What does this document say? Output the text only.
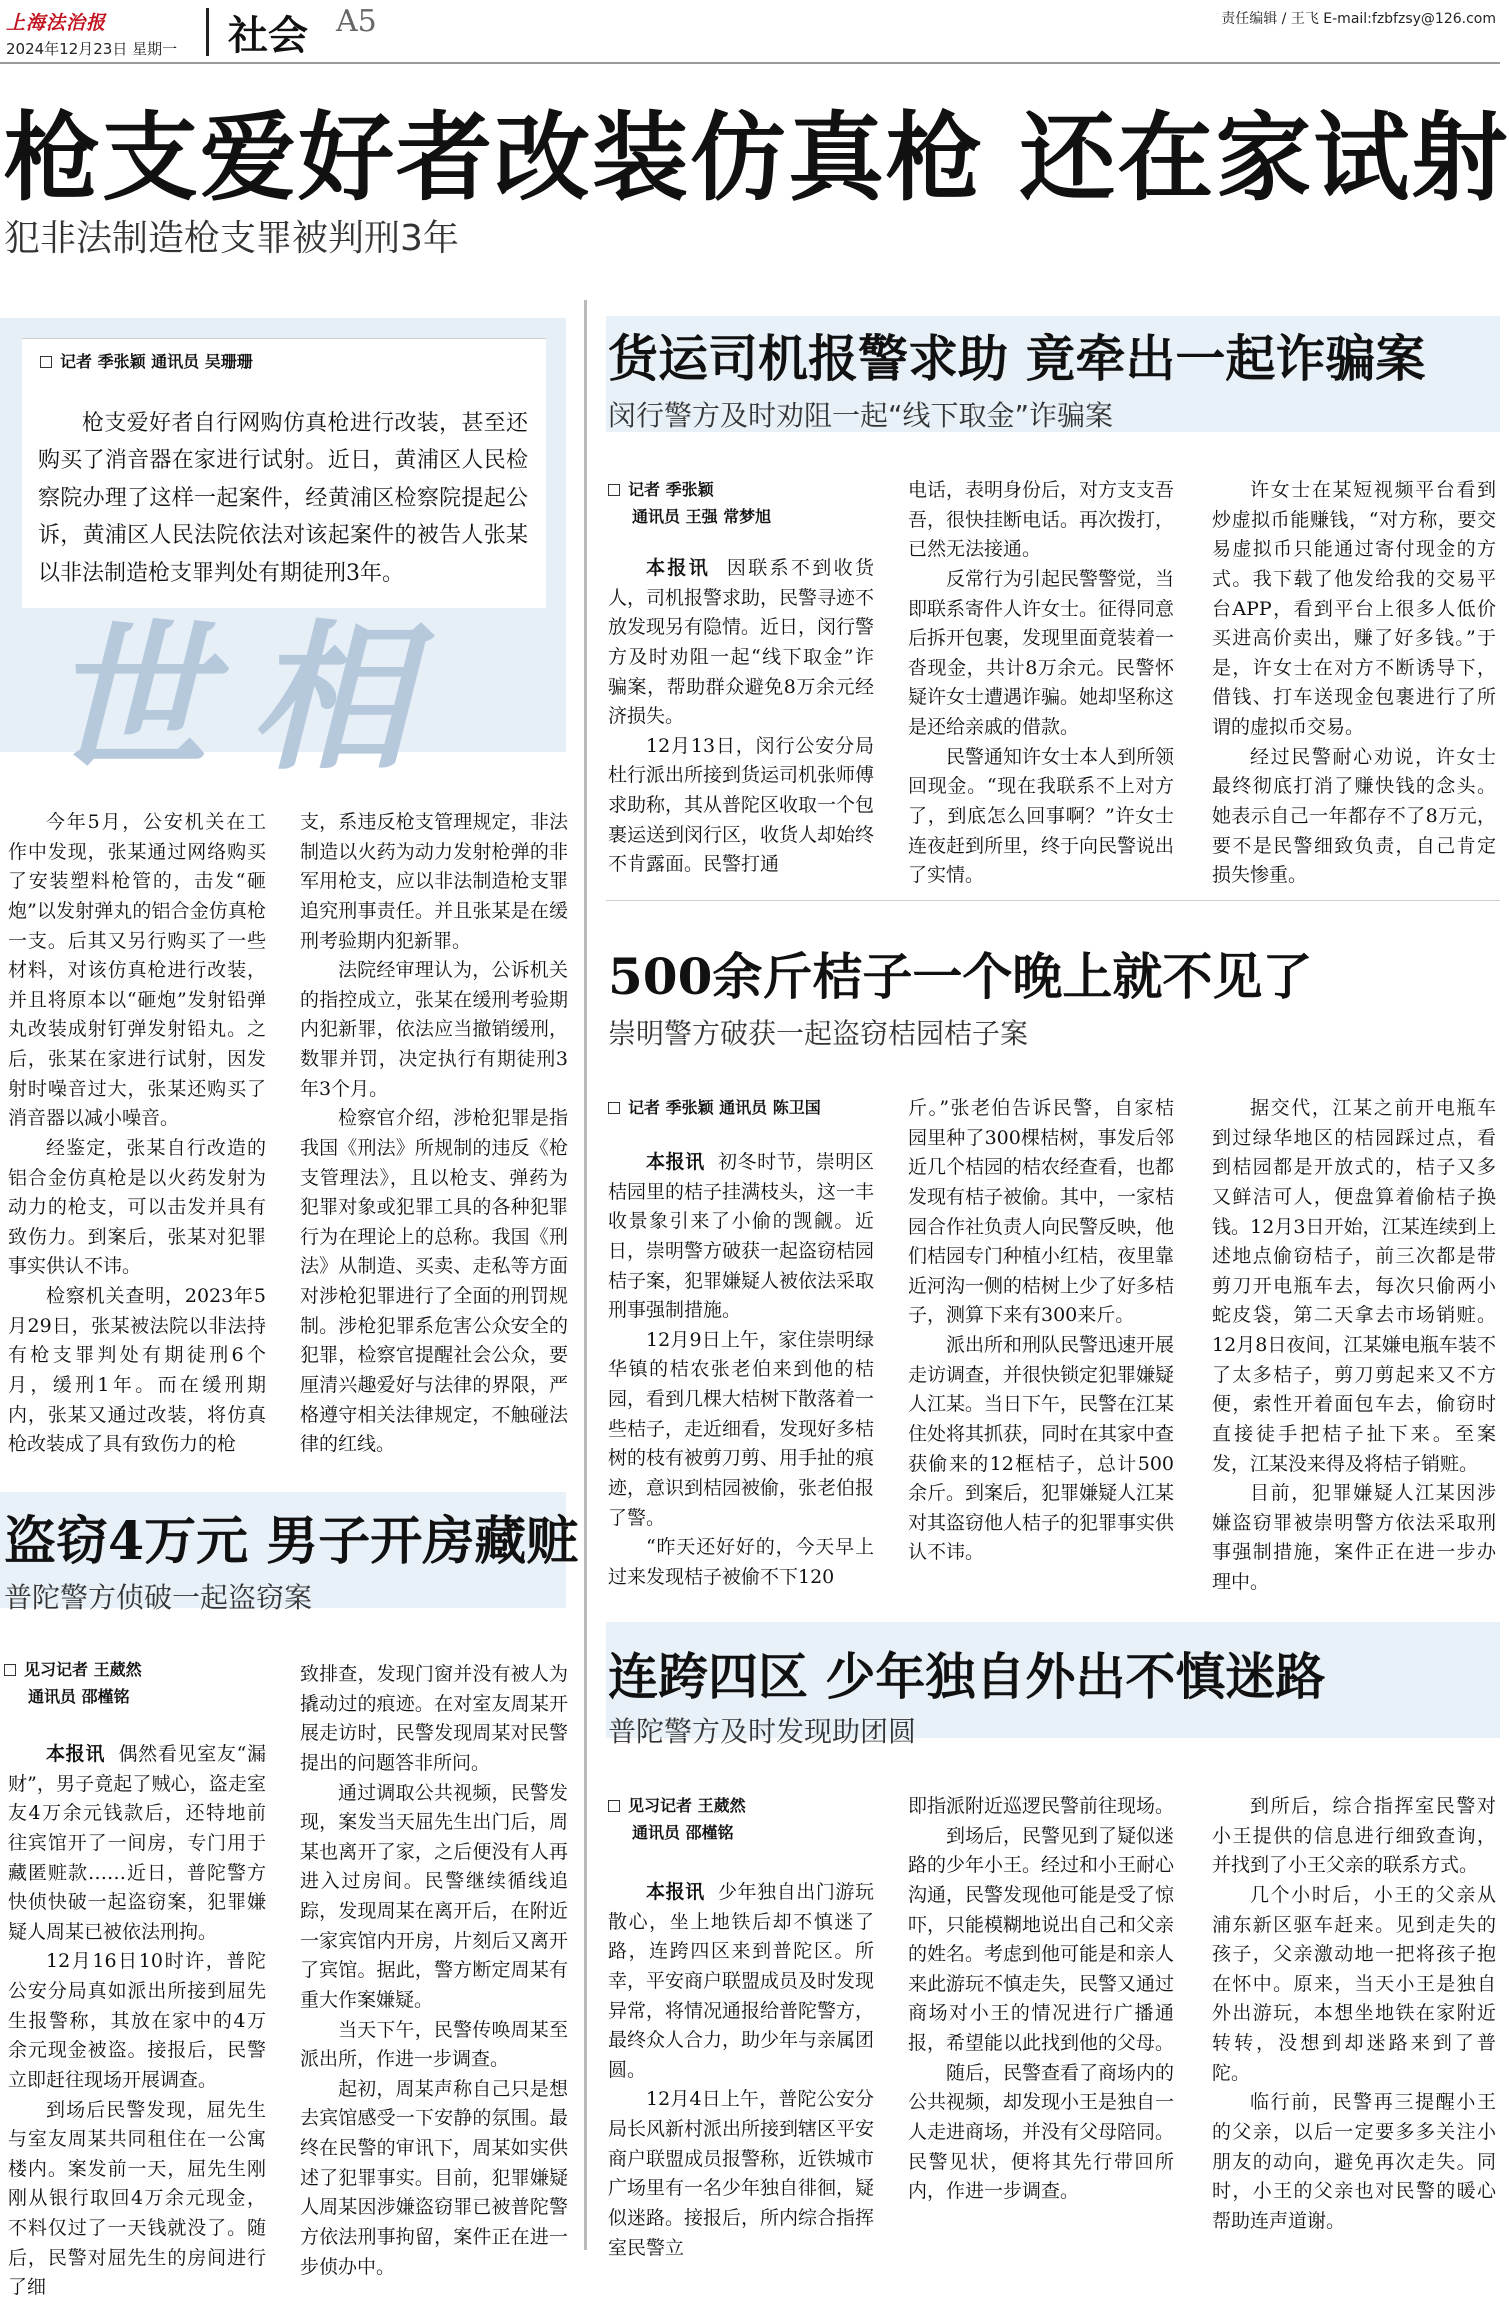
上海法治报
2024年12月23日 星期一 社会 A5	责任编辑 / 王飞 E-mail:fzbfzsy@126.com
枪支爱好者改装仿真枪 还在家试射
犯非法制造枪支罪被判刑3年
记者 季张颖 通讯员 吴珊珊

枪支爱好者自行网购仿真枪进行改装，甚至还购买了消音器在家进行试射。近日，黄浦区人民检察院办理了这样一起案件，经黄浦区检察院提起公诉，黄浦区人民法院依法对该起案件的被告人张某以非法制造枪支罪判处有期徒刑3年。

世相

今年5月，公安机关在工作中发现，张某通过网络购买了安装塑料枪管的，击发“砸炮”以发射弹丸的铝合金仿真枪一支。后其又另行购买了一些材料，对该仿真枪进行改装，并且将原本以“砸炮”发射铅弹丸改装成射钉弹发射铅丸。之后，张某在家进行试射，因发射时噪音过大，张某还购买了消音器以减小噪音。

经鉴定，张某自行改造的铝合金仿真枪是以火药发射为动力的枪支，可以击发并具有致伤力。到案后，张某对犯罪事实供认不讳。

检察机关查明，2023年5月29日，张某被法院以非法持有枪支罪判处有期徒刑6个月，缓刑1年。而在缓刑期内，张某又通过改装，将仿真枪改装成了具有致伤力的枪

支，系违反枪支管理规定，非法制造以火药为动力发射枪弹的非军用枪支，应以非法制造枪支罪追究刑事责任。并且张某是在缓刑考验期内犯新罪。

法院经审理认为，公诉机关的指控成立，张某在缓刑考验期内犯新罪，依法应当撤销缓刑，数罪并罚，决定执行有期徒刑3年3个月。

检察官介绍，涉枪犯罪是指我国《刑法》所规制的违反《枪支管理法》，且以枪支、弹药为犯罪对象或犯罪工具的各种犯罪行为在理论上的总称。我国《刑法》从制造、买卖、走私等方面对涉枪犯罪进行了全面的刑罚规制。涉枪犯罪系危害公众安全的犯罪，检察官提醒社会公众，要厘清兴趣爱好与法律的界限，严格遵守相关法律规定，不触碰法律的红线。

盗窃4万元 男子开房藏赃
普陀警方侦破一起盗窃案
见习记者 王葳然
通讯员 邵槿铭

本报讯 偶然看见室友“漏财”，男子竟起了贼心，盗走室友4万余元钱款后，还特地前往宾馆开了一间房，专门用于藏匿赃款……近日，普陀警方快侦快破一起盗窃案，犯罪嫌疑人周某已被依法刑拘。

12月16日10时许，普陀公安分局真如派出所接到屈先生报警称，其放在家中的4万余元现金被盗。接报后，民警立即赶往现场开展调查。

到场后民警发现，屈先生与室友周某共同租住在一公寓楼内。案发前一天，屈先生刚刚从银行取回4万余元现金，不料仅过了一天钱就没了。随后，民警对屈先生的房间进行了细

致排查，发现门窗并没有被人为撬动过的痕迹。在对室友周某开展走访时，民警发现周某对民警提出的问题答非所问。

通过调取公共视频，民警发现，案发当天屈先生出门后，周某也离开了家，之后便没有人再进入过房间。民警继续循线追踪，发现周某在离开后，在附近一家宾馆内开房，片刻后又离开了宾馆。据此，警方断定周某有重大作案嫌疑。

当天下午，民警传唤周某至派出所，作进一步调查。

起初，周某声称自己只是想去宾馆感受一下安静的氛围。最终在民警的审讯下，周某如实供述了犯罪事实。目前，犯罪嫌疑人周某因涉嫌盗窃罪已被普陀警方依法刑事拘留，案件正在进一步侦办中。

货运司机报警求助 竟牵出一起诈骗案
闵行警方及时劝阻一起“线下取金”诈骗案
记者 季张颖
通讯员 王强 常梦旭

本报讯 因联系不到收货人，司机报警求助，民警寻迹不放发现另有隐情。近日，闵行警方及时劝阻一起“线下取金”诈骗案，帮助群众避免8万余元经济损失。

12月13日，闵行公安分局杜行派出所接到货运司机张师傅求助称，其从普陀区收取一个包裹运送到闵行区，收货人却始终不肯露面。民警打通

电话，表明身份后，对方支支吾吾，很快挂断电话。再次拨打，已然无法接通。

反常行为引起民警警觉，当即联系寄件人许女士。征得同意后拆开包裹，发现里面竟装着一沓现金，共计8万余元。民警怀疑许女士遭遇诈骗。她却坚称这是还给亲戚的借款。

民警通知许女士本人到所领回现金。“现在我联系不上对方了，到底怎么回事啊？”许女士连夜赶到所里，终于向民警说出了实情。

许女士在某短视频平台看到炒虚拟币能赚钱，“对方称，要交易虚拟币只能通过寄付现金的方式。我下载了他发给我的交易平台APP，看到平台上很多人低价买进高价卖出，赚了好多钱。”于是，许女士在对方不断诱导下，借钱、打车送现金包裹进行了所谓的虚拟币交易。

经过民警耐心劝说，许女士最终彻底打消了赚快钱的念头。她表示自己一年都存不了8万元，要不是民警细致负责，自己肯定损失惨重。

500余斤桔子一个晚上就不见了
崇明警方破获一起盗窃桔园桔子案
记者 季张颖 通讯员 陈卫国

本报讯 初冬时节，崇明区桔园里的桔子挂满枝头，这一丰收景象引来了小偷的觊觎。近日，崇明警方破获一起盗窃桔园桔子案，犯罪嫌疑人被依法采取刑事强制措施。

12月9日上午，家住崇明绿华镇的桔农张老伯来到他的桔园，看到几棵大桔树下散落着一些桔子，走近细看，发现好多桔树的枝有被剪刀剪、用手扯的痕迹，意识到桔园被偷，张老伯报了警。

“昨天还好好的，今天早上过来发现桔子被偷不下120

斤。”张老伯告诉民警，自家桔园里种了300棵桔树，事发后邻近几个桔园的桔农经查看，也都发现有桔子被偷。其中，一家桔园合作社负责人向民警反映，他们桔园专门种植小红桔，夜里靠近河沟一侧的桔树上少了好多桔子，测算下来有300来斤。

派出所和刑队民警迅速开展走访调查，并很快锁定犯罪嫌疑人江某。当日下午，民警在江某住处将其抓获，同时在其家中查获偷来的12框桔子，总计500余斤。到案后，犯罪嫌疑人江某对其盗窃他人桔子的犯罪事实供认不讳。

据交代，江某之前开电瓶车到过绿华地区的桔园踩过点，看到桔园都是开放式的，桔子又多又鲜洁可人，便盘算着偷桔子换钱。12月3日开始，江某连续到上述地点偷窃桔子，前三次都是带剪刀开电瓶车去，每次只偷两小蛇皮袋，第二天拿去市场销赃。12月8日夜间，江某嫌电瓶车装不了太多桔子，剪刀剪起来又不方便，索性开着面包车去，偷窃时直接徒手把桔子扯下来。至案发，江某没来得及将桔子销赃。

目前，犯罪嫌疑人江某因涉嫌盗窃罪被崇明警方依法采取刑事强制措施，案件正在进一步办理中。

连跨四区 少年独自外出不慎迷路
普陀警方及时发现助团圆
见习记者 王葳然
通讯员 邵槿铭

本报讯 少年独自出门游玩散心，坐上地铁后却不慎迷了路，连跨四区来到普陀区。所幸，平安商户联盟成员及时发现异常，将情况通报给普陀警方，最终众人合力，助少年与亲属团圆。

12月4日上午，普陀公安分局长风新村派出所接到辖区平安商户联盟成员报警称，近铁城市广场里有一名少年独自徘徊，疑似迷路。接报后，所内综合指挥室民警立

即指派附近巡逻民警前往现场。

到场后，民警见到了疑似迷路的少年小王。经过和小王耐心沟通，民警发现他可能是受了惊吓，只能模糊地说出自己和父亲的姓名。考虑到他可能是和亲人来此游玩不慎走失，民警又通过商场对小王的情况进行广播通报，希望能以此找到他的父母。

随后，民警查看了商场内的公共视频，却发现小王是独自一人走进商场，并没有父母陪同。民警见状，便将其先行带回所内，作进一步调查。

到所后，综合指挥室民警对小王提供的信息进行细致查询，并找到了小王父亲的联系方式。

几个小时后，小王的父亲从浦东新区驱车赶来。见到走失的孩子，父亲激动地一把将孩子抱在怀中。原来，当天小王是独自外出游玩，本想坐地铁在家附近转转，没想到却迷路来到了普陀。

临行前，民警再三提醒小王的父亲，以后一定要多多关注小朋友的动向，避免再次走失。同时，小王的父亲也对民警的暖心帮助连声道谢。
